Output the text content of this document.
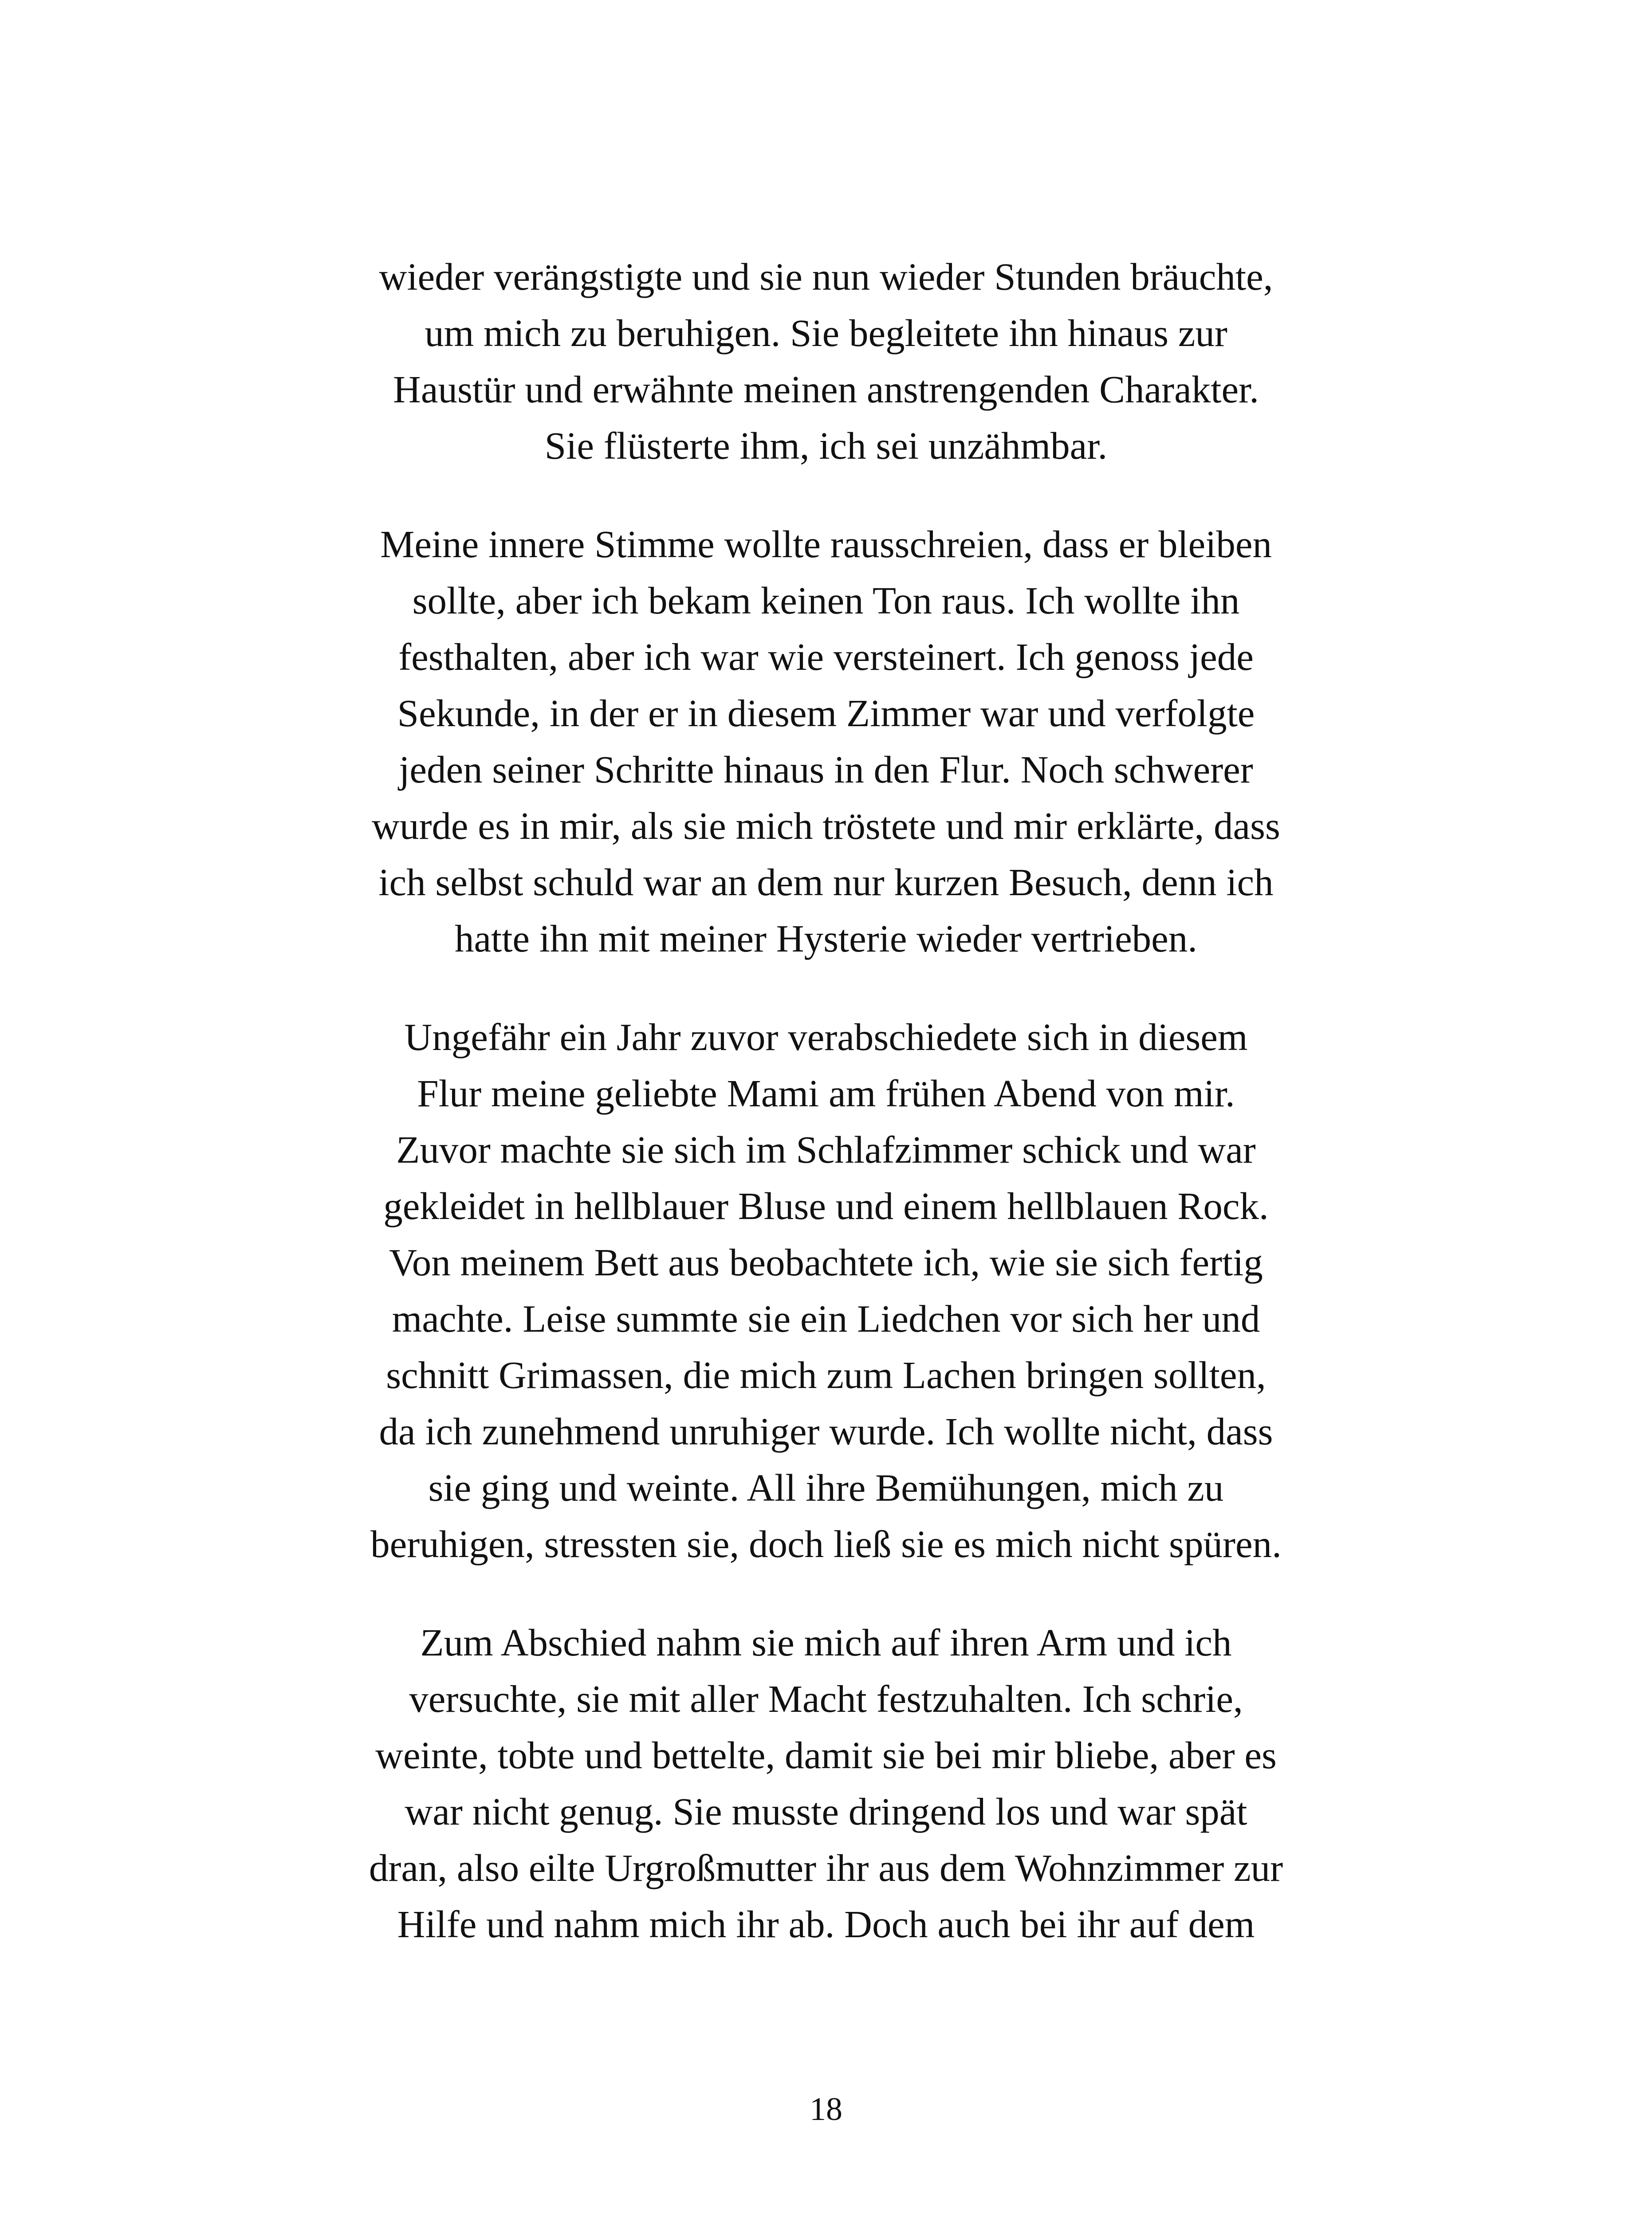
wieder verängstigte und sie nun wieder Stunden bräuchte,
um mich zu beruhigen. Sie begleitete ihn hinaus zur
Haustür und erwähnte meinen anstrengenden Charakter.
Sie flüsterte ihm, ich sei unzähmbar.

Meine innere Stimme wollte rausschreien, dass er bleiben
sollte, aber ich bekam keinen Ton raus. Ich wollte ihn
festhalten, aber ich war wie versteinert. Ich genoss jede
Sekunde, in der er in diesem Zimmer war und verfolgte
jeden seiner Schritte hinaus in den Flur. Noch schwerer
wurde es in mir, als sie mich tröstete und mir erklärte, dass
ich selbst schuld war an dem nur kurzen Besuch, denn ich
hatte ihn mit meiner Hysterie wieder vertrieben.

Ungefähr ein Jahr zuvor verabschiedete sich in diesem
Flur meine geliebte Mami am frühen Abend von mir.
Zuvor machte sie sich im Schlafzimmer schick und war
gekleidet in hellblauer Bluse und einem hellblauen Rock.
Von meinem Bett aus beobachtete ich, wie sie sich fertig
machte. Leise summte sie ein Liedchen vor sich her und
schnitt Grimassen, die mich zum Lachen bringen sollten,
da ich zunehmend unruhiger wurde. Ich wollte nicht, dass
sie ging und weinte. All ihre Bemühungen, mich zu
beruhigen, stressten sie, doch ließ sie es mich nicht spüren.

Zum Abschied nahm sie mich auf ihren Arm und ich
versuchte, sie mit aller Macht festzuhalten. Ich schrie,
weinte, tobte und bettelte, damit sie bei mir bliebe, aber es
war nicht genug. Sie musste dringend los und war spät
dran, also eilte Urgroßmutter ihr aus dem Wohnzimmer zur
Hilfe und nahm mich ihr ab. Doch auch bei ihr auf dem

18
